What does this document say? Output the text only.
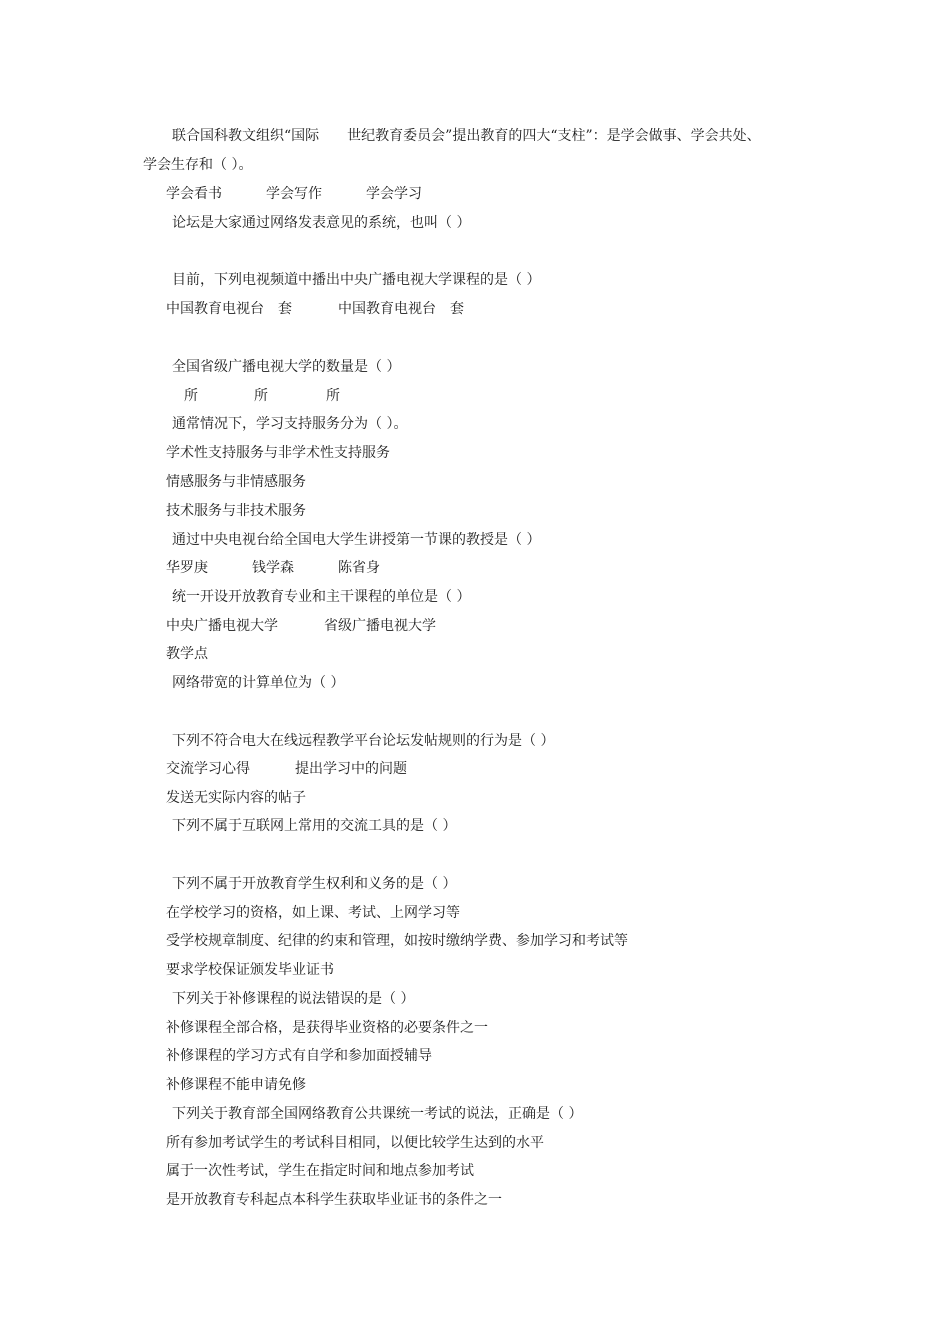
联合国科教文组织“国际　　世纪教育委员会”提出教育的四大“支柱”：是学会做事、学会共处、
学会生存和（ ）。
学会看书	学会写作	学会学习
论坛是大家通过网络发表意见的系统，也叫（ ）
目前，下列电视频道中播出中央广播电视大学课程的是（ ）
中国教育电视台　套	中国教育电视台　套
全国省级广播电视大学的数量是（ ）
所	所	所
通常情况下，学习支持服务分为（ ）。
学术性支持服务与非学术性支持服务
情感服务与非情感服务
技术服务与非技术服务
通过中央电视台给全国电大学生讲授第一节课的教授是（ ）
华罗庚	钱学森	陈省身
统一开设开放教育专业和主干课程的单位是（ ）
中央广播电视大学	省级广播电视大学
教学点
网络带宽的计算单位为（ ）
下列不符合电大在线远程教学平台论坛发帖规则的行为是（ ）
交流学习心得	提出学习中的问题
发送无实际内容的帖子
下列不属于互联网上常用的交流工具的是（ ）
下列不属于开放教育学生权利和义务的是（ ）
在学校学习的资格，如上课、考试、上网学习等
受学校规章制度、纪律的约束和管理，如按时缴纳学费、参加学习和考试等
要求学校保证颁发毕业证书
下列关于补修课程的说法错误的是（ ）
补修课程全部合格，是获得毕业资格的必要条件之一
补修课程的学习方式有自学和参加面授辅导
补修课程不能申请免修
下列关于教育部全国网络教育公共课统一考试的说法，正确是（ ）
所有参加考试学生的考试科目相同，以便比较学生达到的水平
属于一次性考试，学生在指定时间和地点参加考试
是开放教育专科起点本科学生获取毕业证书的条件之一
